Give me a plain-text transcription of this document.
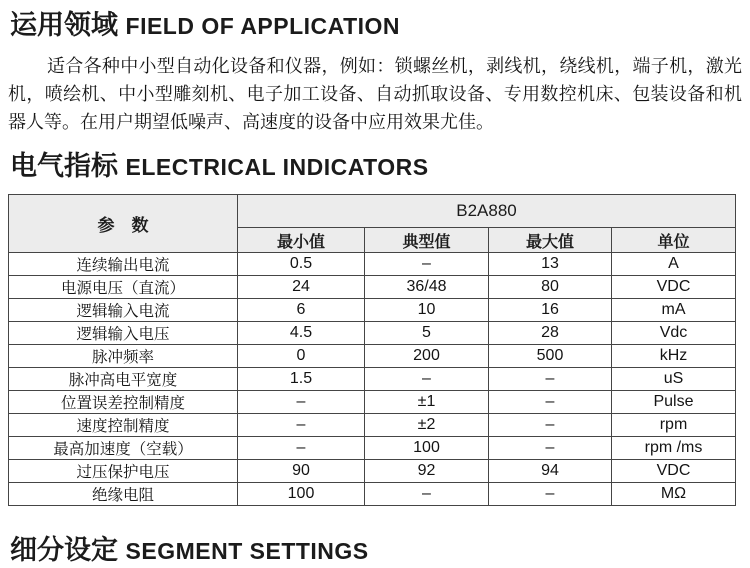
运用领域 FIELD OF APPLICATION

适合各种中小型自动化设备和仪器，例如：锁螺丝机，剥线机，绕线机，端子机，激光机，喷绘机、中小型雕刻机、电子加工设备、自动抓取设备、专用数控机床、包装设备和机器人等。在用户期望低噪声、高速度的设备中应用效果尤佳。

电气指标 ELECTRICAL INDICATORS
参　数	B2A880			
	最小值	典型值	最大值	单位
连续输出电流	0.5	–	13	A
电源电压（直流）	24	36/48	80	VDC
逻辑输入电流	6	10	16	mA
逻辑输入电压	4.5	5	28	Vdc
脉冲频率	0	200	500	kHz
脉冲高电平宽度	1.5	–	–	uS
位置误差控制精度	–	±1	–	Pulse
速度控制精度	–	±2	–	rpm
最高加速度（空载）	–	100	–	rpm /ms
过压保护电压	90	92	94	VDC
绝缘电阻	100	–	–	MΩ
细分设定 SEGMENT SETTINGS
